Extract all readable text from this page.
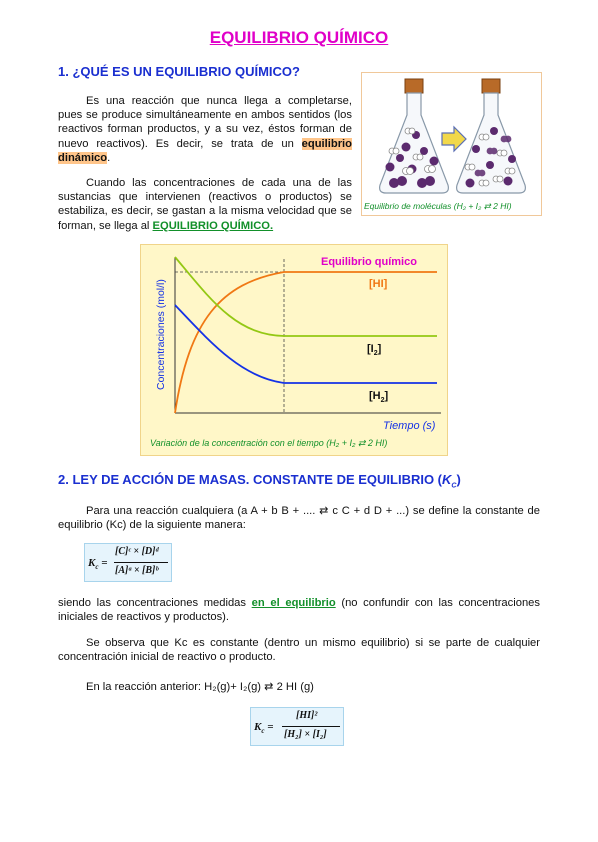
EQUILIBRIO QUÍMICO
1. ¿QUÉ ES UN EQUILIBRIO QUÍMICO?
Es una reacción que nunca llega a completarse, pues se produce simultáneamente en ambos sentidos (los reactivos forman productos, y a su vez, éstos forman de nuevo reactivos). Es decir, se trata de un equilibrio dinámico.
Cuando las concentraciones de cada una de las sustancias que intervienen (reactivos o productos) se estabiliza, es decir, se gastan a la misma velocidad que se forman, se llega al EQUILIBRIO QUÍMICO.
Equilibrio de moléculas (H₂ + I₂ ⇄ 2 HI)
Equilibrio químico
[HI]
$[I_2]$
$[H_2]$
Tiempo (s)
Concentraciones (mol/l)
Variación de la concentración con el tiempo (H₂ + I₂ ⇄ 2 HI)
2. LEY DE ACCIÓN DE MASAS. CONSTANTE DE EQUILIBRIO $(K_C)$
Para una reacción cualquiera (a A + b B + .... ⇄ c C + d D + ...) se define la constante de equilibrio (Kc) de la siguiente manera:
$K_c$ =
[C]ᶜ × [D]ᵈ
[A]ᵃ × [B]ᵇ
siendo las concentraciones medidas en el equilibrio (no confundir con las concentraciones iniciales de reactivos y productos).
Se observa que Kc es constante (dentro un mismo equilibrio) si se parte de cualquier concentración inicial de reactivo o producto.
En la reacción anterior: H₂(g)+ I₂(g) ⇄ 2 HI (g)
$K_c$ =
[HI]²
[H₂] × [I₂]
